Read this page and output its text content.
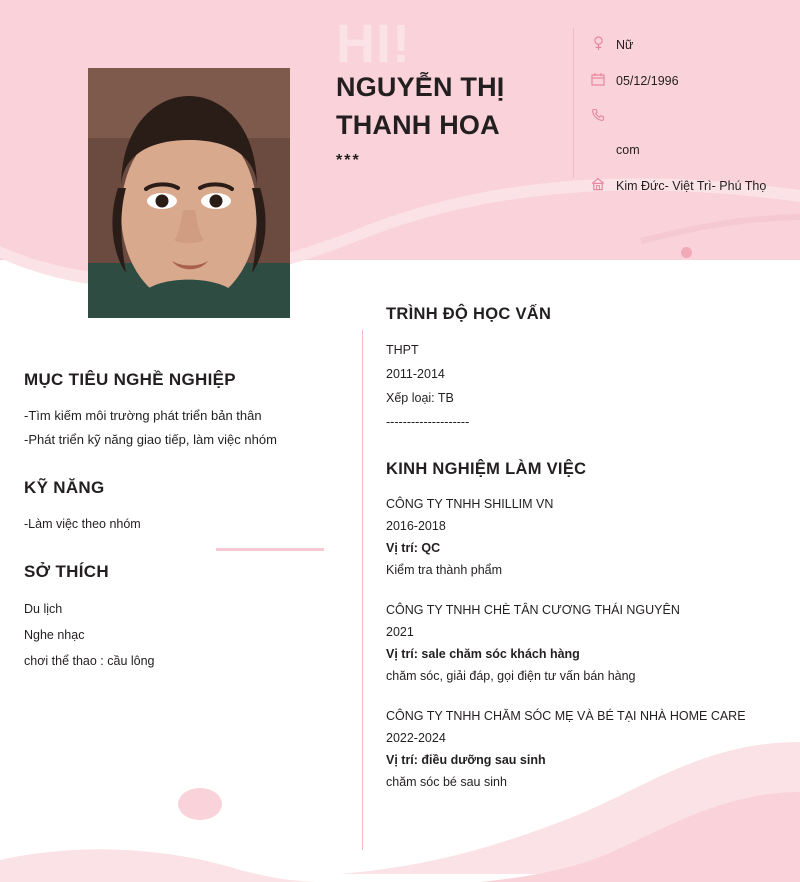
HI!
NGUYỄN THỊ
THANH HOA
***
Nữ
05/12/1996
com
Kim Đức- Việt Trì- Phú Thọ
MỤC TIÊU NGHỀ NGHIỆP
-Tìm kiếm môi trường phát triển bản thân
-Phát triển kỹ năng giao tiếp, làm việc nhóm
KỸ NĂNG
-Làm việc theo nhóm
SỞ THÍCH
Du lịch
Nghe nhạc
chơi thể thao : cầu lông
TRÌNH ĐỘ HỌC VẤN
THPT
2011-2014
Xếp loại: TB
--------------------
KINH NGHIỆM LÀM VIỆC
CÔNG TY TNHH SHILLIM VN
2016-2018
Vị trí: QC
Kiểm tra thành phẩm
CÔNG TY TNHH CHÈ TÂN CƯƠNG THÁI NGUYÊN
2021
Vị trí: sale chăm sóc khách hàng
chăm sóc, giải đáp, gọi điện tư vấn bán hàng
CÔNG TY TNHH CHĂM SÓC MẸ VÀ BÉ TẠI NHÀ HOME CARE
2022-2024
Vị trí: điều dưỡng sau sinh
chăm sóc bé sau sinh
